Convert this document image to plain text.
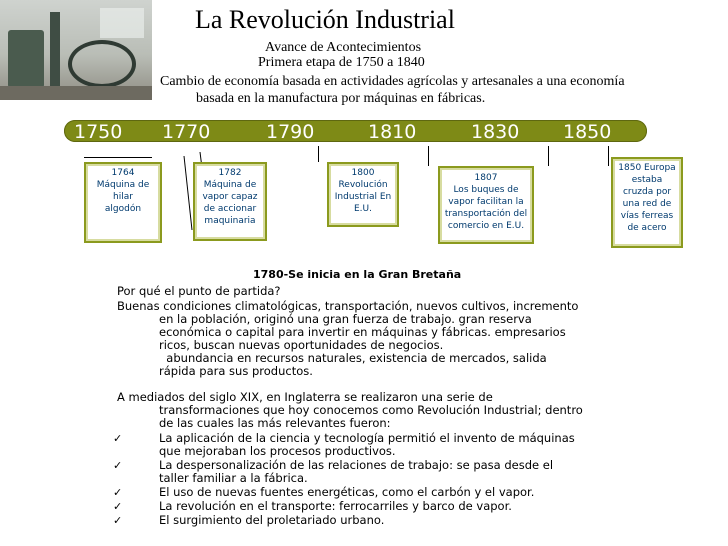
La Revolución Industrial
Avance de Acontecimientos
Primera etapa de 1750 a 1840
Cambio de economía basada en actividades agrícolas y artesanales a una economía
basada en la manufactura por máquinas en fábricas.
1750 1770	1790	1810	1830 1850
1764
Máquina de
hilar
algodón
1782
Máquina de
vapor capaz
de accionar
maquinaria
1800
Revolución
Industrial En
E.U.
1807
Los buques de
vapor facilitan la
transportación del
comercio en E.U.
1850 Europa
estaba
cruzda por
una red de
vías ferreas
de acero
1780-Se inicia en la Gran Bretaña
Por qué el punto de partida?
Buenas condiciones climatológicas, transportación, nuevos cultivos, incremento
en la población, originó una gran fuerza de trabajo. gran reserva
económica o capital para invertir en máquinas y fábricas. empresarios
ricos, buscan nuevas oportunidades de negocios.
abundancia en recursos naturales, existencia de mercados, salida
rápida para sus productos.
A mediados del siglo XIX, en Inglaterra se realizaron una serie de
transformaciones que hoy conocemos como Revolución Industrial; dentro
de las cuales las más relevantes fueron:
✓	La aplicación de la ciencia y tecnología permitió el invento de máquinas
que mejoraban los procesos productivos.
✓	La despersonalización de las relaciones de trabajo: se pasa desde el
taller familiar a la fábrica.
✓	El uso de nuevas fuentes energéticas, como el carbón y el vapor.
✓	La revolución en el transporte: ferrocarriles y barco de vapor.
✓	El surgimiento del proletariado urbano.
